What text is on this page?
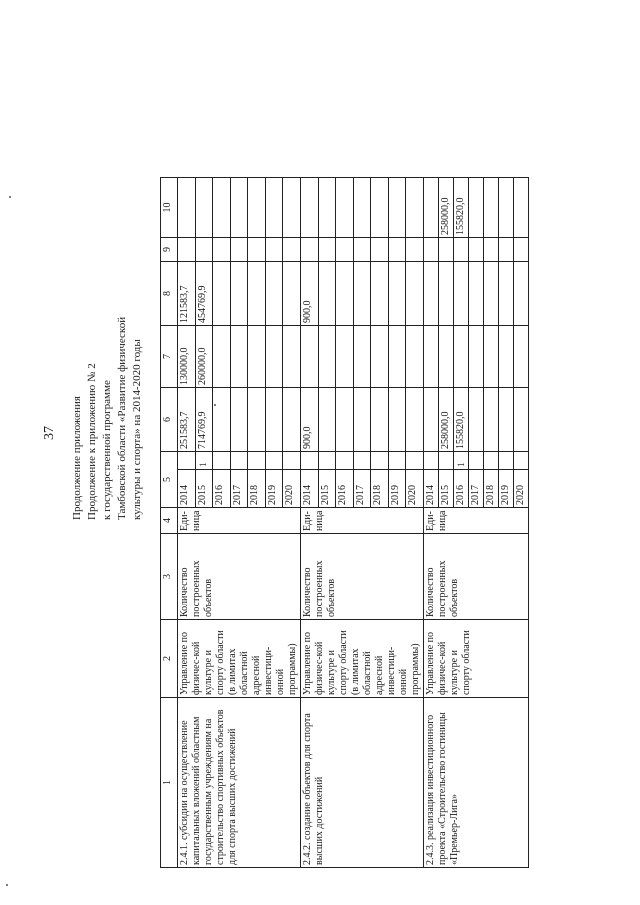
37 Продолжение приложения Продолжение к приложению № 2 к государственной программе Тамбовской области «Развитие физической культуры и спорта» на 2014-2020 годы
1	2	3	4	5		6	7	8	9	10
2.4.1. субсидии на осуществление капитальных вложений областным государственным учреждениям на строительство спортивных объектов для спорта высших достижений	Управление по физичес-кой культуре и спорту области (в лимитах областной адресной инвестици-онной программы)	Количество построенных объектов	Еди-ница	2014		251583,7	130000,0	121583,7		
				2015	1	714769,9	260000,0	454769,9		
				2016						
				2017						
				2018						
				2019						
				2020						
2.4.2. создание объектов для спорта высших достижений	Управление по физичес-кой культуре и спорту области (в лимитах областной адресной инвестици-онной программы)	Количество построенных объектов	Еди-ница	2014		900,0		900,0		
				2015						
				2016						
				2017						
				2018						
				2019						
				2020						
2.4.3. реализация инвестиционного проекта «Строительство гостиницы «Премьер-Лига»	Управление по физичес-кой культуре и спорту области	Количество построенных объектов	Еди-ница	2014						
				2015		258000,0				258000,0
				2016	1	155820,0				155820,0
				2017						
				2018						
				2019						
				2020						
